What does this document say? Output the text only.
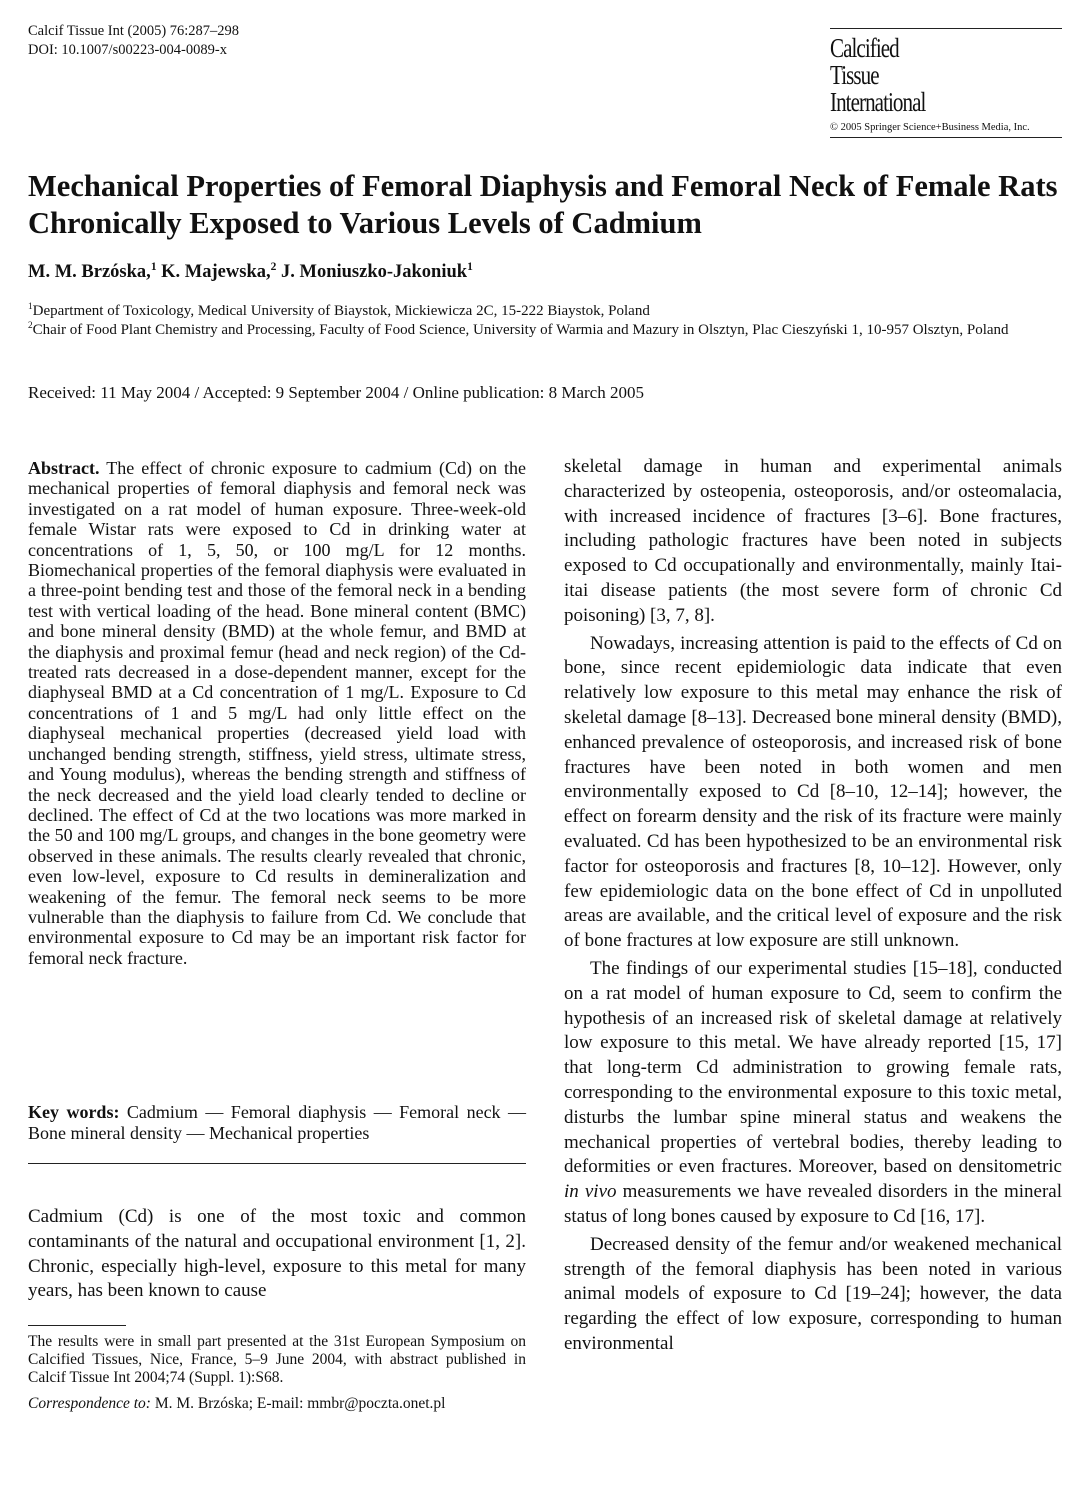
Calcif Tissue Int (2005) 76:287–298
DOI: 10.1007/s00223-004-0089-x	Calcified
Tissue
International
© 2005 Springer Science+Business Media, Inc.
Mechanical Properties of Femoral Diaphysis and Femoral Neck of Female Rats Chronically Exposed to Various Levels of Cadmium
M. M. Brzóska,$^1$ K. Majewska,$^2$ J. Moniuszko-Jakoniuk$^1$

$^1$Department of Toxicology, Medical University of Biaystok, Mickiewicza 2C, 15-222 Biaystok, Poland

$^2$Chair of Food Plant Chemistry and Processing, Faculty of Food Science, University of Warmia and Mazury in Olsztyn, Plac Cieszyński 1, 10-957 Olsztyn, Poland

Received: 11 May 2004 / Accepted: 9 September 2004 / Online publication: 8 March 2005
Abstract. The effect of chronic exposure to cadmium (Cd) on the mechanical properties of femoral diaphysis and femoral neck was investigated on a rat model of human exposure. Three-week-old female Wistar rats were exposed to Cd in drinking water at concentrations of 1, 5, 50, or 100 mg/L for 12 months. Biomechanical properties of the femoral diaphysis were evaluated in a three-point bending test and those of the femoral neck in a bending test with vertical loading of the head. Bone mineral content (BMC) and bone mineral density (BMD) at the whole femur, and BMD at the diaphysis and proximal femur (head and neck region) of the Cd-treated rats decreased in a dose-dependent manner, except for the diaphyseal BMD at a Cd concentration of 1 mg/L. Exposure to Cd concentrations of 1 and 5 mg/L had only little effect on the diaphyseal mechanical properties (decreased yield load with unchanged bending strength, stiffness, yield stress, ultimate stress, and Young modulus), whereas the bending strength and stiffness of the neck decreased and the yield load clearly tended to decline or declined. The effect of Cd at the two locations was more marked in the 50 and 100 mg/L groups, and changes in the bone geometry were observed in these animals. The results clearly revealed that chronic, even low-level, exposure to Cd results in demineralization and weakening of the femur. The femoral neck seems to be more vulnerable than the diaphysis to failure from Cd. We conclude that environmental exposure to Cd may be an important risk factor for femoral neck fracture.
Key words: Cadmium — Femoral diaphysis — Femoral neck — Bone mineral density — Mechanical properties
Cadmium (Cd) is one of the most toxic and common contaminants of the natural and occupational environment [1, 2]. Chronic, especially high-level, exposure to this metal for many years, has been known to cause

The results were in small part presented at the 31st European Symposium on Calcified Tissues, Nice, France, 5–9 June 2004, with abstract published in Calcif Tissue Int 2004;74 (Suppl. 1):S68.

Correspondence to: M. M. Brzóska; E-mail: mmbr@poczta.onet.pl

skeletal damage in human and experimental animals characterized by osteopenia, osteoporosis, and/or osteomalacia, with increased incidence of fractures [3–6]. Bone fractures, including pathologic fractures have been noted in subjects exposed to Cd occupationally and environmentally, mainly Itai-itai disease patients (the most severe form of chronic Cd poisoning) [3, 7, 8].

Nowadays, increasing attention is paid to the effects of Cd on bone, since recent epidemiologic data indicate that even relatively low exposure to this metal may enhance the risk of skeletal damage [8–13]. Decreased bone mineral density (BMD), enhanced prevalence of osteoporosis, and increased risk of bone fractures have been noted in both women and men environmentally exposed to Cd [8–10, 12–14]; however, the effect on forearm density and the risk of its fracture were mainly evaluated. Cd has been hypothesized to be an environmental risk factor for osteoporosis and fractures [8, 10–12]. However, only few epidemiologic data on the bone effect of Cd in unpolluted areas are available, and the critical level of exposure and the risk of bone fractures at low exposure are still unknown.

The findings of our experimental studies [15–18], conducted on a rat model of human exposure to Cd, seem to confirm the hypothesis of an increased risk of skeletal damage at relatively low exposure to this metal. We have already reported [15, 17] that long-term Cd administration to growing female rats, corresponding to the environmental exposure to this toxic metal, disturbs the lumbar spine mineral status and weakens the mechanical properties of vertebral bodies, thereby leading to deformities or even fractures. Moreover, based on densitometric in vivo measurements we have revealed disorders in the mineral status of long bones caused by exposure to Cd [16, 17].

Decreased density of the femur and/or weakened mechanical strength of the femoral diaphysis has been noted in various animal models of exposure to Cd [19–24]; however, the data regarding the effect of low exposure, corresponding to human environmental
